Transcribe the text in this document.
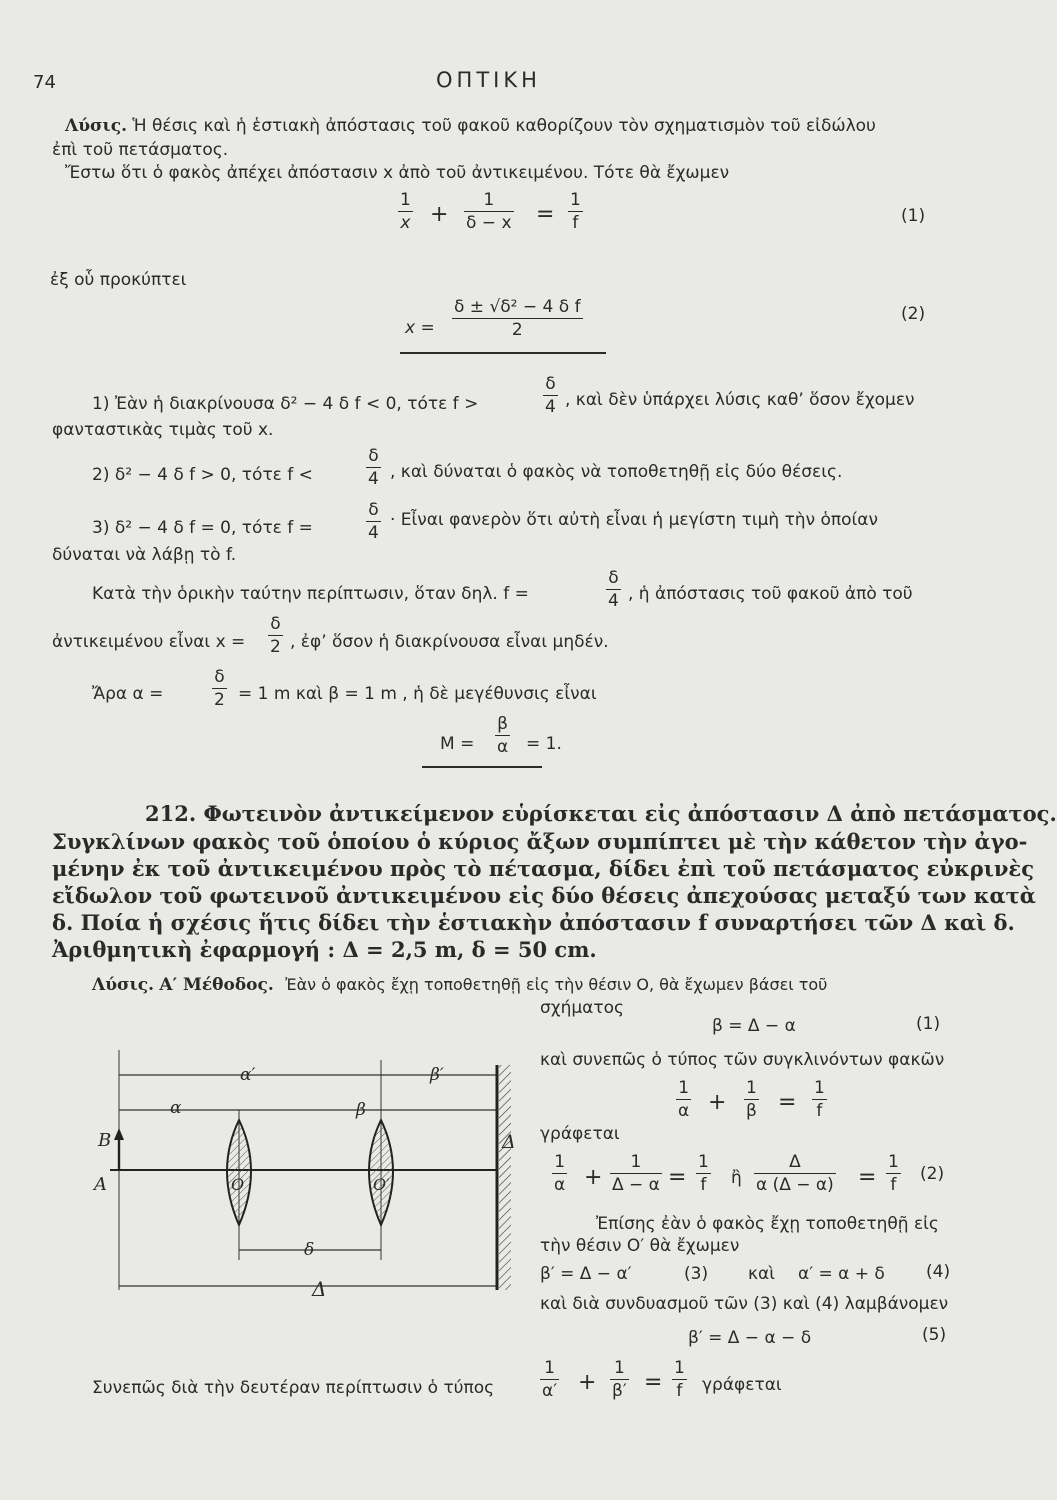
74	ΟΠΤΙΚΗ
Λύσις. Ἡ θέσις καὶ ἡ ἑστιακὴ ἀπόστασις τοῦ φακοῦ καθορίζουν τὸν σχηματισμὸν τοῦ εἰδώλου
ἐπὶ τοῦ πετάσματος.
Ἔστω ὅτι ὁ φακὸς ἀπέχει ἀπόστασιν x ἀπὸ τοῦ ἀντικειμένου. Τότε θὰ ἔχωμεν
1
x +
1
δ − x =
1
f	(1)
ἐξ οὗ προκύπτει
x =
δ ± √δ² − 4 δ f
2
(2)
1) Ἐὰν ἡ διακρίνουσα δ² − 4 δ f < 0, τότε f >
δ
4 , καὶ δὲν ὑπάρχει λύσις καθ’ ὅσον ἔχομεν
φανταστικὰς τιμὰς τοῦ x.
2) δ² − 4 δ f > 0, τότε f <
δ
4 , καὶ δύναται ὁ φακὸς νὰ τοποθετηθῇ εἰς δύο θέσεις.
3) δ² − 4 δ f = 0, τότε f =
δ
4
· Εἶναι φανερὸν ὅτι αὐτὴ εἶναι ἡ μεγίστη τιμὴ τὴν ὁποίαν
δύναται νὰ λάβῃ τὸ f.
Κατὰ τὴν ὁρικὴν ταύτην περίπτωσιν, ὅταν δηλ. f =
δ
4 , ἡ ἀπόστασις τοῦ φακοῦ ἀπὸ τοῦ
ἀντικειμένου εἶναι x =
δ
2 , ἐφ’ ὅσον ἡ διακρίνουσα εἶναι μηδέν.
Ἄρα α =
δ
2 = 1 m καὶ β = 1 m , ἡ δὲ μεγέθυνσις εἶναι
M =
β
α = 1.
212. Φωτεινὸν ἀντικείμενον εὑρίσκεται εἰς ἀπόστασιν Δ ἀπὸ πετάσματος.
Συγκλίνων φακὸς τοῦ ὁποίου ὁ κύριος ἄξων συμπίπτει μὲ τὴν κάθετον τὴν ἀγο-
μένην ἐκ τοῦ ἀντικειμένου πρὸς τὸ πέτασμα, δίδει ἐπὶ τοῦ πετάσματος εὐκρινὲς
εἴδωλον τοῦ φωτεινοῦ ἀντικειμένου εἰς δύο θέσεις ἀπεχούσας μεταξύ των κατὰ
δ. Ποία ἡ σχέσις ἥτις δίδει τὴν ἑστιακὴν ἀπόστασιν f συναρτήσει τῶν Δ καὶ δ.
Ἀριθμητικὴ ἐφαρμογή : Δ = 2,5 m, δ = 50 cm.
Λύσις. Α′ Μέθοδος. Ἐὰν ὁ φακὸς ἔχῃ τοποθετηθῇ εἰς τὴν θέσιν Ο, θὰ ἔχωμεν βάσει τοῦ
σχήματος
β = Δ − α	(1)
καὶ συνεπῶς ὁ τύπος τῶν συγκλινόντων φακῶν
1
α +
1
β =
1
f
γράφεται
1
α +
1
Δ − α =
1
f ἢ
Δ
α (Δ − α) =
1
f
(2)
Ἐπίσης ἐὰν ὁ φακὸς ἔχῃ τοποθετηθῇ εἰς
τὴν θέσιν Ο′ θὰ ἔχωμεν
β′ = Δ − α′	(3) καὶ α′ = α + δ (4)
καὶ διὰ συνδυασμοῦ τῶν (3) καὶ (4) λαμβάνομεν
β′ = Δ − α − δ	(5)
Συνεπῶς διὰ τὴν δευτέραν περίπτωσιν ὁ τύπος
1
α′ +
1
β′ =
1
f γράφεται
α′	β′
α	β
B
A	O	O′
δ
Δ
Δ
